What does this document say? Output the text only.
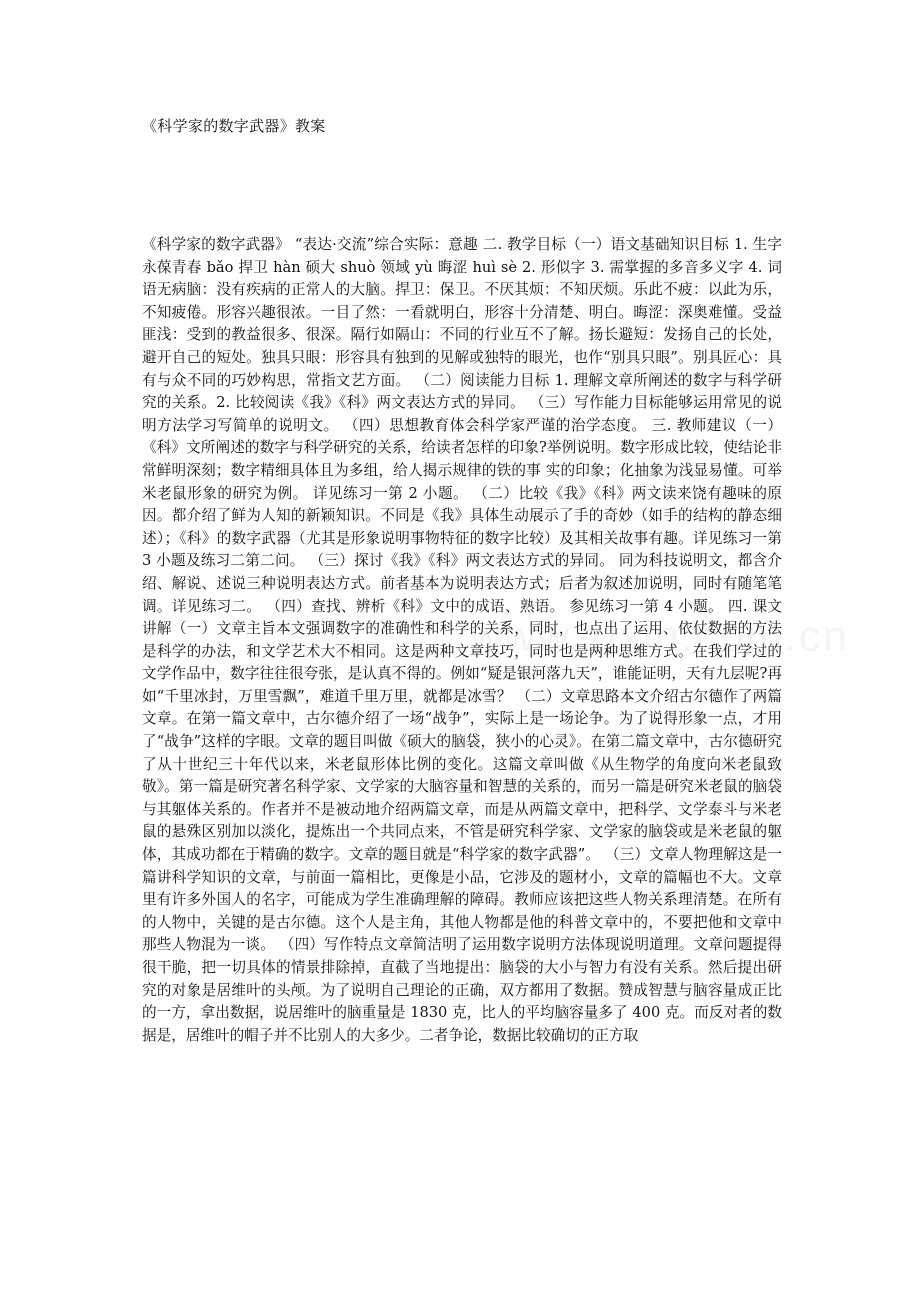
《科学家的数字武器》教案

《科学家的数字武器》 “表达·交流”综合实际：意趣 二. 教学目标（一）语文基础知识目标 1. 生字永葆青春 bǎo 捍卫 hàn 硕大 shuò 领域 yù 晦涩 huì sè 2. 形似字 3. 需掌握的多音多义字 4. 词语无病脑：没有疾病的正常人的大脑。捍卫：保卫。不厌其烦：不知厌烦。乐此不疲：以此为乐，不知疲倦。形容兴趣很浓。一目了然：一看就明白，形容十分清楚、明白。晦涩：深奥难懂。受益匪浅：受到的教益很多、很深。隔行如隔山：不同的行业互不了解。扬长避短：发扬自己的长处，避开自己的短处。独具只眼：形容具有独到的见解或独特的眼光，也作“别具只眼”。别具匠心：具有与众不同的巧妙构思，常指文艺方面。 （二）阅读能力目标 1. 理解文章所阐述的数字与科学研究的关系。2. 比较阅读《我》《科》两文表达方式的异同。 （三）写作能力目标能够运用常见的说明方法学习写简单的说明文。 （四）思想教育体会科学家严谨的治学态度。 三. 教师建议（一）《科》文所阐述的数字与科学研究的关系，给读者怎样的印象?举例说明。数字形成比较，使结论非常鲜明深刻；数字精细具体且为多组，给人揭示规律的铁的事 实的印象；化抽象为浅显易懂。可举米老鼠形象的研究为例。 详见练习一第 2 小题。 （二）比较《我》《科》两文读来饶有趣味的原因。都介绍了鲜为人知的新颖知识。不同是《我》具体生动展示了手的奇妙（如手的结构的静态细述）；《科》的数字武器（尤其是形象说明事物特征的数字比较）及其相关故事有趣。详见练习一第 3 小题及练习二第二问。 （三）探讨《我》《科》两文表达方式的异同。 同为科技说明文，都含介绍、解说、述说三种说明表达方式。前者基本为说明表达方式；后者为叙述加说明，同时有随笔笔调。详见练习二。 （四）查找、辨析《科》文中的成语、熟语。 参见练习一第 4 小题。 四. 课文讲解（一）文章主旨本文强调数字的准确性和科学的关系，同时，也点出了运用、依仗数据的方法是科学的办法，和文学艺术大不相同。这是两种文章技巧，同时也是两种思维方式。在我们学过的文学作品中，数字往往很夸张，是认真不得的。例如“疑是银河落九天”，谁能证明，天有九层呢?再如“千里冰封，万里雪飘”，难道千里万里，就都是冰雪？ （二）文章思路本文介绍古尔德作了两篇文章。在第一篇文章中，古尔德介绍了一场“战争”，实际上是一场论争。为了说得形象一点，才用了“战争”这样的字眼。文章的题目叫做《硕大的脑袋，狭小的心灵》。在第二篇文章中，古尔德研究了从十世纪三十年代以来，米老鼠形体比例的变化。这篇文章叫做《从生物学的角度向米老鼠致敬》。第一篇是研究著名科学家、文学家的大脑容量和智慧的关系的，而另一篇是研究米老鼠的脑袋与其躯体关系的。作者并不是被动地介绍两篇文章，而是从两篇文章中，把科学、文学泰斗与米老鼠的悬殊区别加以淡化，提炼出一个共同点来，不管是研究科学家、文学家的脑袋或是米老鼠的躯体，其成功都在于精确的数字。文章的题目就是“科学家的数字武器”。 （三）文章人物理解这是一篇讲科学知识的文章，与前面一篇相比，更像是小品，它涉及的题材小，文章的篇幅也不大。文章里有许多外国人的名字，可能成为学生准确理解的障碍。教师应该把这些人物关系理清楚。在所有的人物中，关键的是古尔德。这个人是主角，其他人物都是他的科普文章中的，不要把他和文章中那些人物混为一谈。 （四）写作特点文章简洁明了运用数字说明方法体现说明道理。文章问题提得很干脆，把一切具体的情景排除掉，直截了当地提出：脑袋的大小与智力有没有关系。然后提出研究的对象是居维叶的头颅。为了说明自己理论的正确，双方都用了数据。赞成智慧与脑容量成正比的一方，拿出数据，说居维叶的脑重量是 1830 克，比人的平均脑容量多了 400 克。而反对者的数据是，居维叶的帽子并不比别人的大多少。二者争论，数据比较确切的正方取
